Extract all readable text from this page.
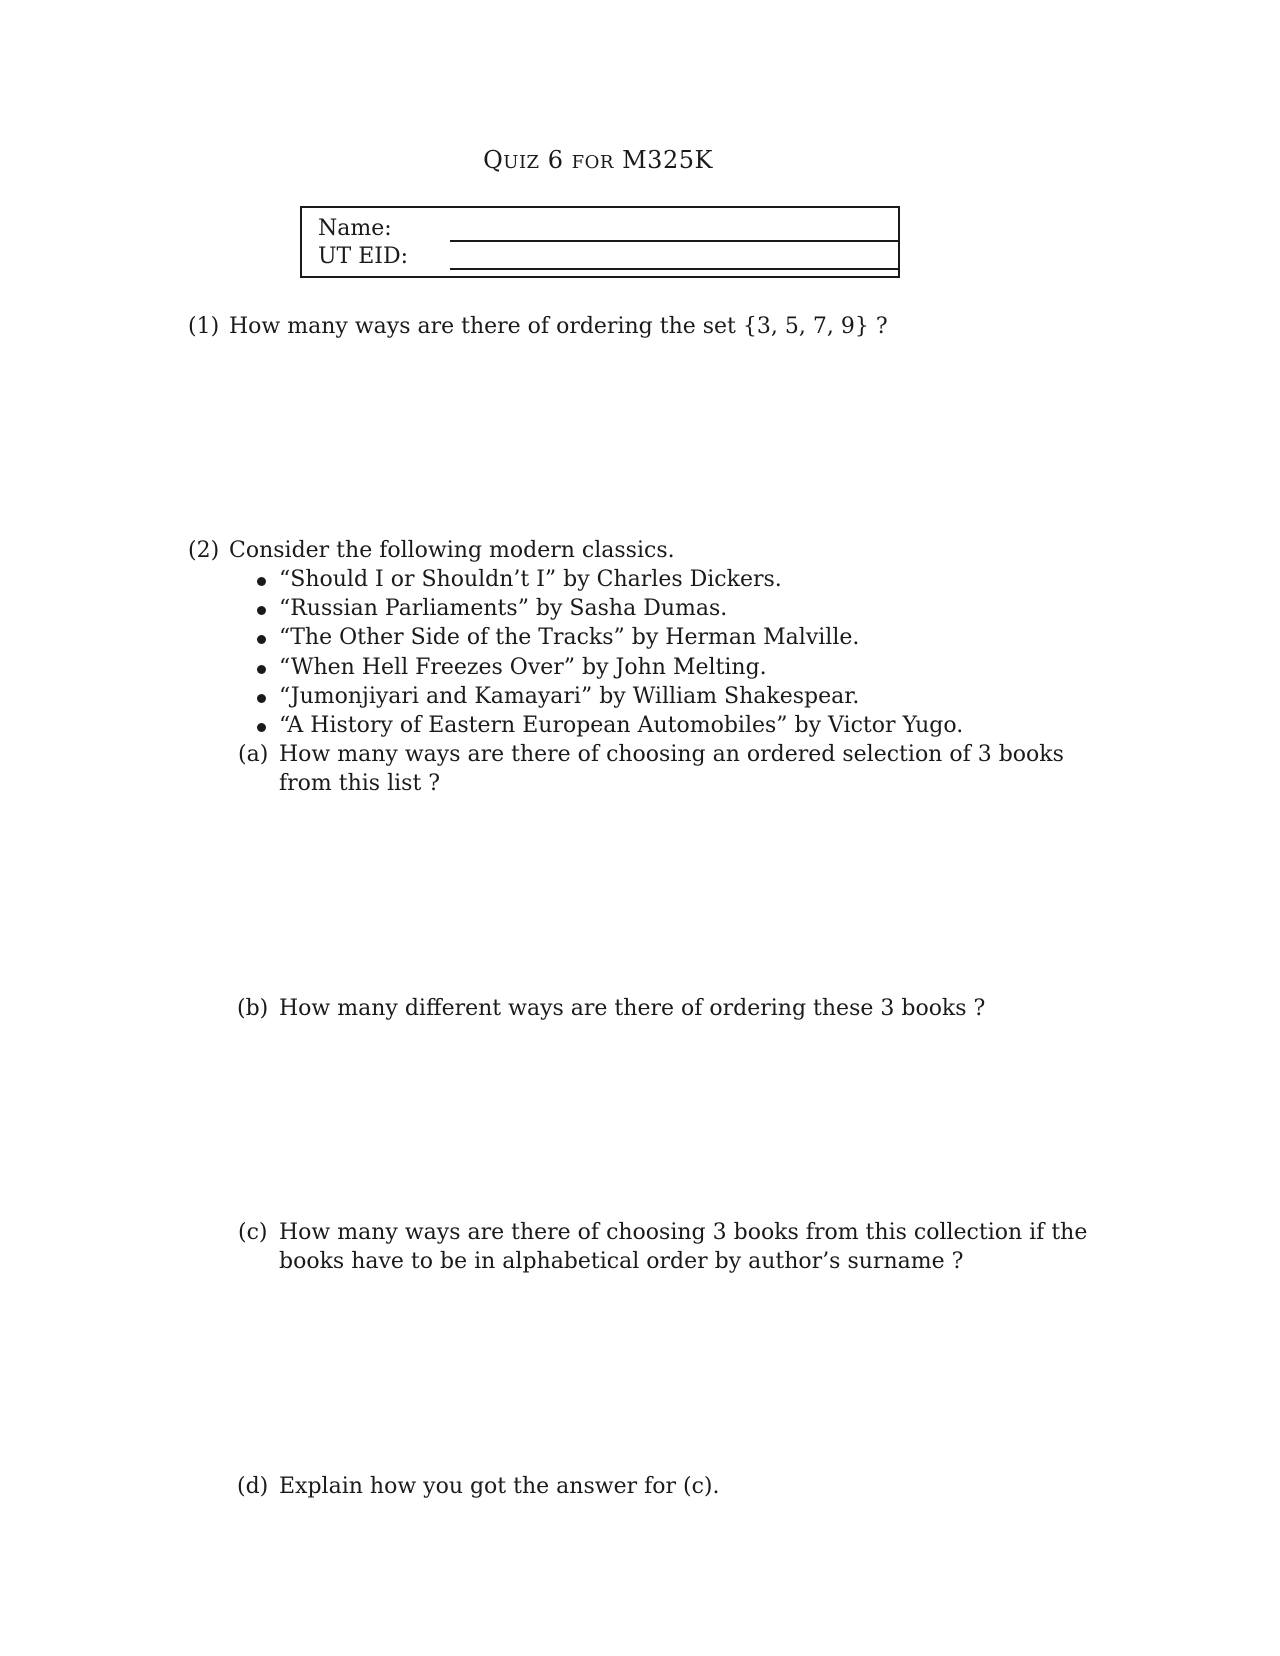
QUIZ 6 FOR M325K
Name:
UT EID:
(1) How many ways are there of ordering the set {3, 5, 7, 9} ?
(2) Consider the following modern classics.
“Should I or Shouldn’t I” by Charles Dickers.
“Russian Parliaments” by Sasha Dumas.
“The Other Side of the Tracks” by Herman Malville.
“When Hell Freezes Over” by John Melting.
“Jumonjiyari and Kamayari” by William Shakespear.
“A History of Eastern European Automobiles” by Victor Yugo.
(a) How many ways are there of choosing an ordered selection of 3 books
from this list ?
(b) How many different ways are there of ordering these 3 books ?
(c) How many ways are there of choosing 3 books from this collection if the
books have to be in alphabetical order by author’s surname ?
(d) Explain how you got the answer for (c).
